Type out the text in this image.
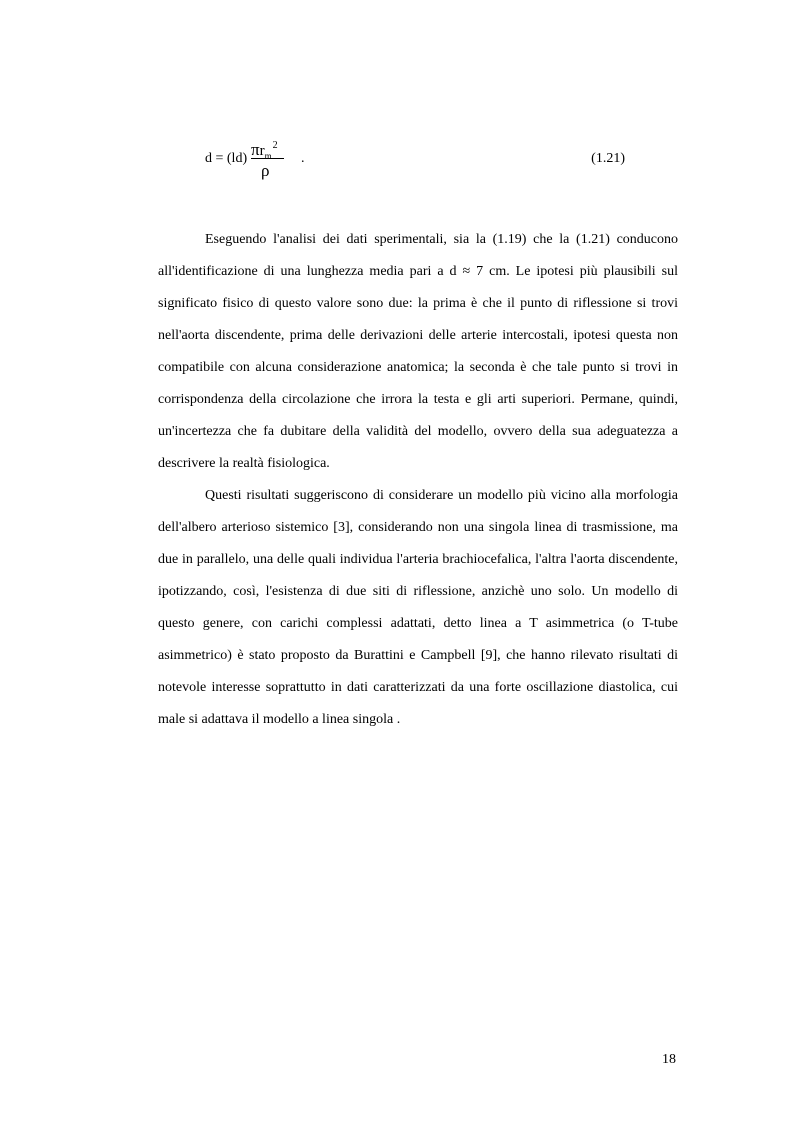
d = (ld) $\pi r_m^2$
ρ
.	(1.21)

Eseguendo l'analisi dei dati sperimentali, sia la (1.19) che la (1.21) conducono all'identificazione di una lunghezza media pari a d ≈ 7 cm. Le ipotesi più plausibili sul significato fisico di questo valore sono due: la prima è che il punto di riflessione si trovi nell'aorta discendente, prima delle derivazioni delle arterie intercostali, ipotesi questa non compatibile con alcuna considerazione anatomica; la seconda è che tale punto si trovi in corrispondenza della circolazione che irrora la testa e gli arti superiori. Permane, quindi, un'incertezza che fa dubitare della validità del modello, ovvero della sua adeguatezza a descrivere la realtà fisiologica.

Questi risultati suggeriscono di considerare un modello più vicino alla morfologia dell'albero arterioso sistemico [3], considerando non una singola linea di trasmissione, ma due in parallelo, una delle quali individua l'arteria brachiocefalica, l'altra l'aorta discendente, ipotizzando, così, l'esistenza di due siti di riflessione, anzichè uno solo. Un modello di questo genere, con carichi complessi adattati, detto linea a T asimmetrica (o T-tube asimmetrico) è stato proposto da Burattini e Campbell [9], che hanno rilevato risultati di notevole interesse soprattutto in dati caratterizzati da una forte oscillazione diastolica, cui male si adattava il modello a linea singola .

18
